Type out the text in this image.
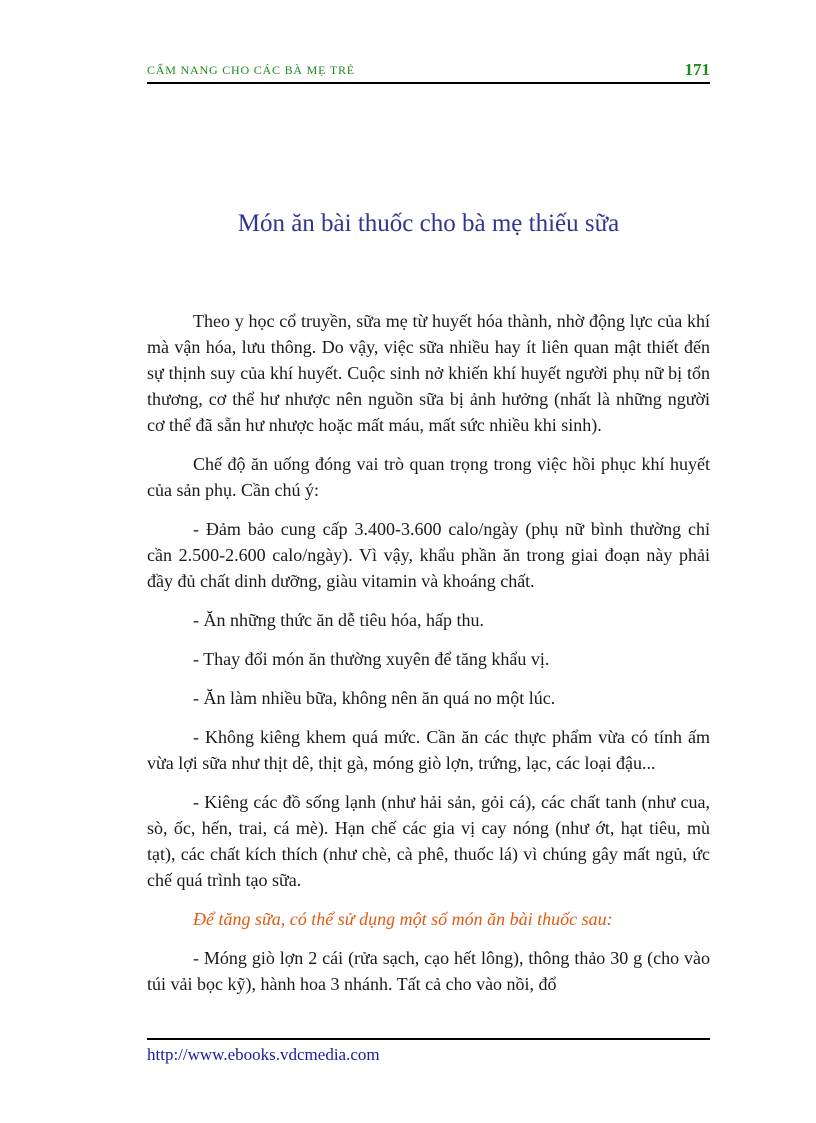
CẨM NANG CHO CÁC BÀ MẸ TRẺ	171
Món ăn bài thuốc cho bà mẹ thiếu sữa

Theo y học cổ truyền, sữa mẹ từ huyết hóa thành, nhờ động lực của khí mà vận hóa, lưu thông. Do vậy, việc sữa nhiều hay ít liên quan mật thiết đến sự thịnh suy của khí huyết. Cuộc sinh nở khiến khí huyết người phụ nữ bị tổn thương, cơ thể hư nhược nên nguồn sữa bị ảnh hưởng (nhất là những người cơ thể đã sẵn hư nhược hoặc mất máu, mất sức nhiều khi sinh).

Chế độ ăn uống đóng vai trò quan trọng trong việc hồi phục khí huyết của sản phụ. Cần chú ý:

- Đảm bảo cung cấp 3.400-3.600 calo/ngày (phụ nữ bình thường chỉ cần 2.500-2.600 calo/ngày). Vì vậy, khẩu phần ăn trong giai đoạn này phải đầy đủ chất dinh dưỡng, giàu vitamin và khoáng chất.

- Ăn những thức ăn dễ tiêu hóa, hấp thu.

- Thay đổi món ăn thường xuyên để tăng khẩu vị.

- Ăn làm nhiều bữa, không nên ăn quá no một lúc.

- Không kiêng khem quá mức. Cần ăn các thực phẩm vừa có tính ấm vừa lợi sữa như thịt dê, thịt gà, móng giò lợn, trứng, lạc, các loại đậu...

- Kiêng các đồ sống lạnh (như hải sản, gỏi cá), các chất tanh (như cua, sò, ốc, hến, trai, cá mè). Hạn chế các gia vị cay nóng (như ớt, hạt tiêu, mù tạt), các chất kích thích (như chè, cà phê, thuốc lá) vì chúng gây mất ngủ, ức chế quá trình tạo sữa.

Để tăng sữa, có thể sử dụng một số món ăn bài thuốc sau:

- Móng giò lợn 2 cái (rửa sạch, cạo hết lông), thông thảo 30 g (cho vào túi vải bọc kỹ), hành hoa 3 nhánh. Tất cả cho vào nồi, đổ

http://www.ebooks.vdcmedia.com
